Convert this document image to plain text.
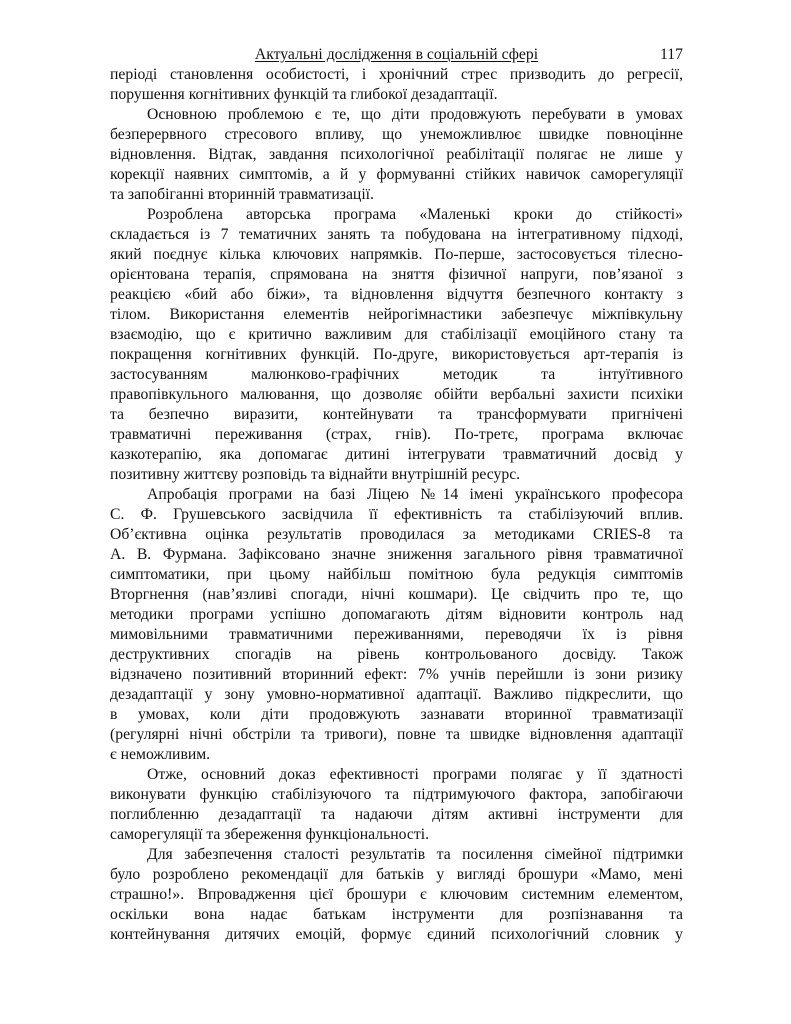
Актуальні дослідження в соціальній сфері	117
періоді становлення особистості, і хронічний стрес призводить до регресії,
порушення когнітивних функцій та глибокої дезадаптації.
Основною проблемою є те, що діти продовжують перебувати в умовах
безперервного стресового впливу, що унеможливлює швидке повноцінне
відновлення. Відтак, завдання психологічної реабілітації полягає не лише у
корекції наявних симптомів, а й у формуванні стійких навичок саморегуляції
та запобіганні вторинній травматизації.
Розроблена авторська програма «Маленькі кроки до стійкості»
складається із 7 тематичних занять та побудована на інтегративному підході,
який поєднує кілька ключових напрямків. По-перше, застосовується тілесно-
орієнтована терапія, спрямована на зняття фізичної напруги, пов’язаної з
реакцією «бий або біжи», та відновлення відчуття безпечного контакту з
тілом. Використання елементів нейрогімнастики забезпечує міжпівкульну
взаємодію, що є критично важливим для стабілізації емоційного стану та
покращення когнітивних функцій. По-друге, використовується арт-терапія із
застосуванням малюнково-графічних методик та інтуїтивного
правопівкульного малювання, що дозволяє обійти вербальні захисти психіки
та безпечно виразити, контейнувати та трансформувати пригнічені
травматичні переживання (страх, гнів). По-третє, програма включає
казкотерапію, яка допомагає дитині інтегрувати травматичний досвід у
позитивну життєву розповідь та віднайти внутрішній ресурс.
Апробація програми на базі Ліцею №14 імені українського професора
С. Ф. Грушевського засвідчила її ефективність та стабілізуючий вплив.
Об’єктивна оцінка результатів проводилася за методиками CRIES-8 та
А. В. Фурмана. Зафіксовано значне зниження загального рівня травматичної
симптоматики, при цьому найбільш помітною була редукція симптомів
Вторгнення (нав’язливі спогади, нічні кошмари). Це свідчить про те, що
методики програми успішно допомагають дітям відновити контроль над
мимовільними травматичними переживаннями, переводячи їх із рівня
деструктивних спогадів на рівень контрольованого досвіду. Також
відзначено позитивний вторинний ефект: 7% учнів перейшли із зони ризику
дезадаптації у зону умовно-нормативної адаптації. Важливо підкреслити, що
в умовах, коли діти продовжують зазнавати вторинної травматизації
(регулярні нічні обстріли та тривоги), повне та швидке відновлення адаптації
є неможливим.
Отже, основний доказ ефективності програми полягає у її здатності
виконувати функцію стабілізуючого та підтримуючого фактора, запобігаючи
поглибленню дезадаптації та надаючи дітям активні інструменти для
саморегуляції та збереження функціональності.
Для забезпечення сталості результатів та посилення сімейної підтримки
було розроблено рекомендації для батьків у вигляді брошури «Мамо, мені
страшно!». Впровадження цієї брошури є ключовим системним елементом,
оскільки вона надає батькам інструменти для розпізнавання та
контейнування дитячих емоцій, формує єдиний психологічний словник у
